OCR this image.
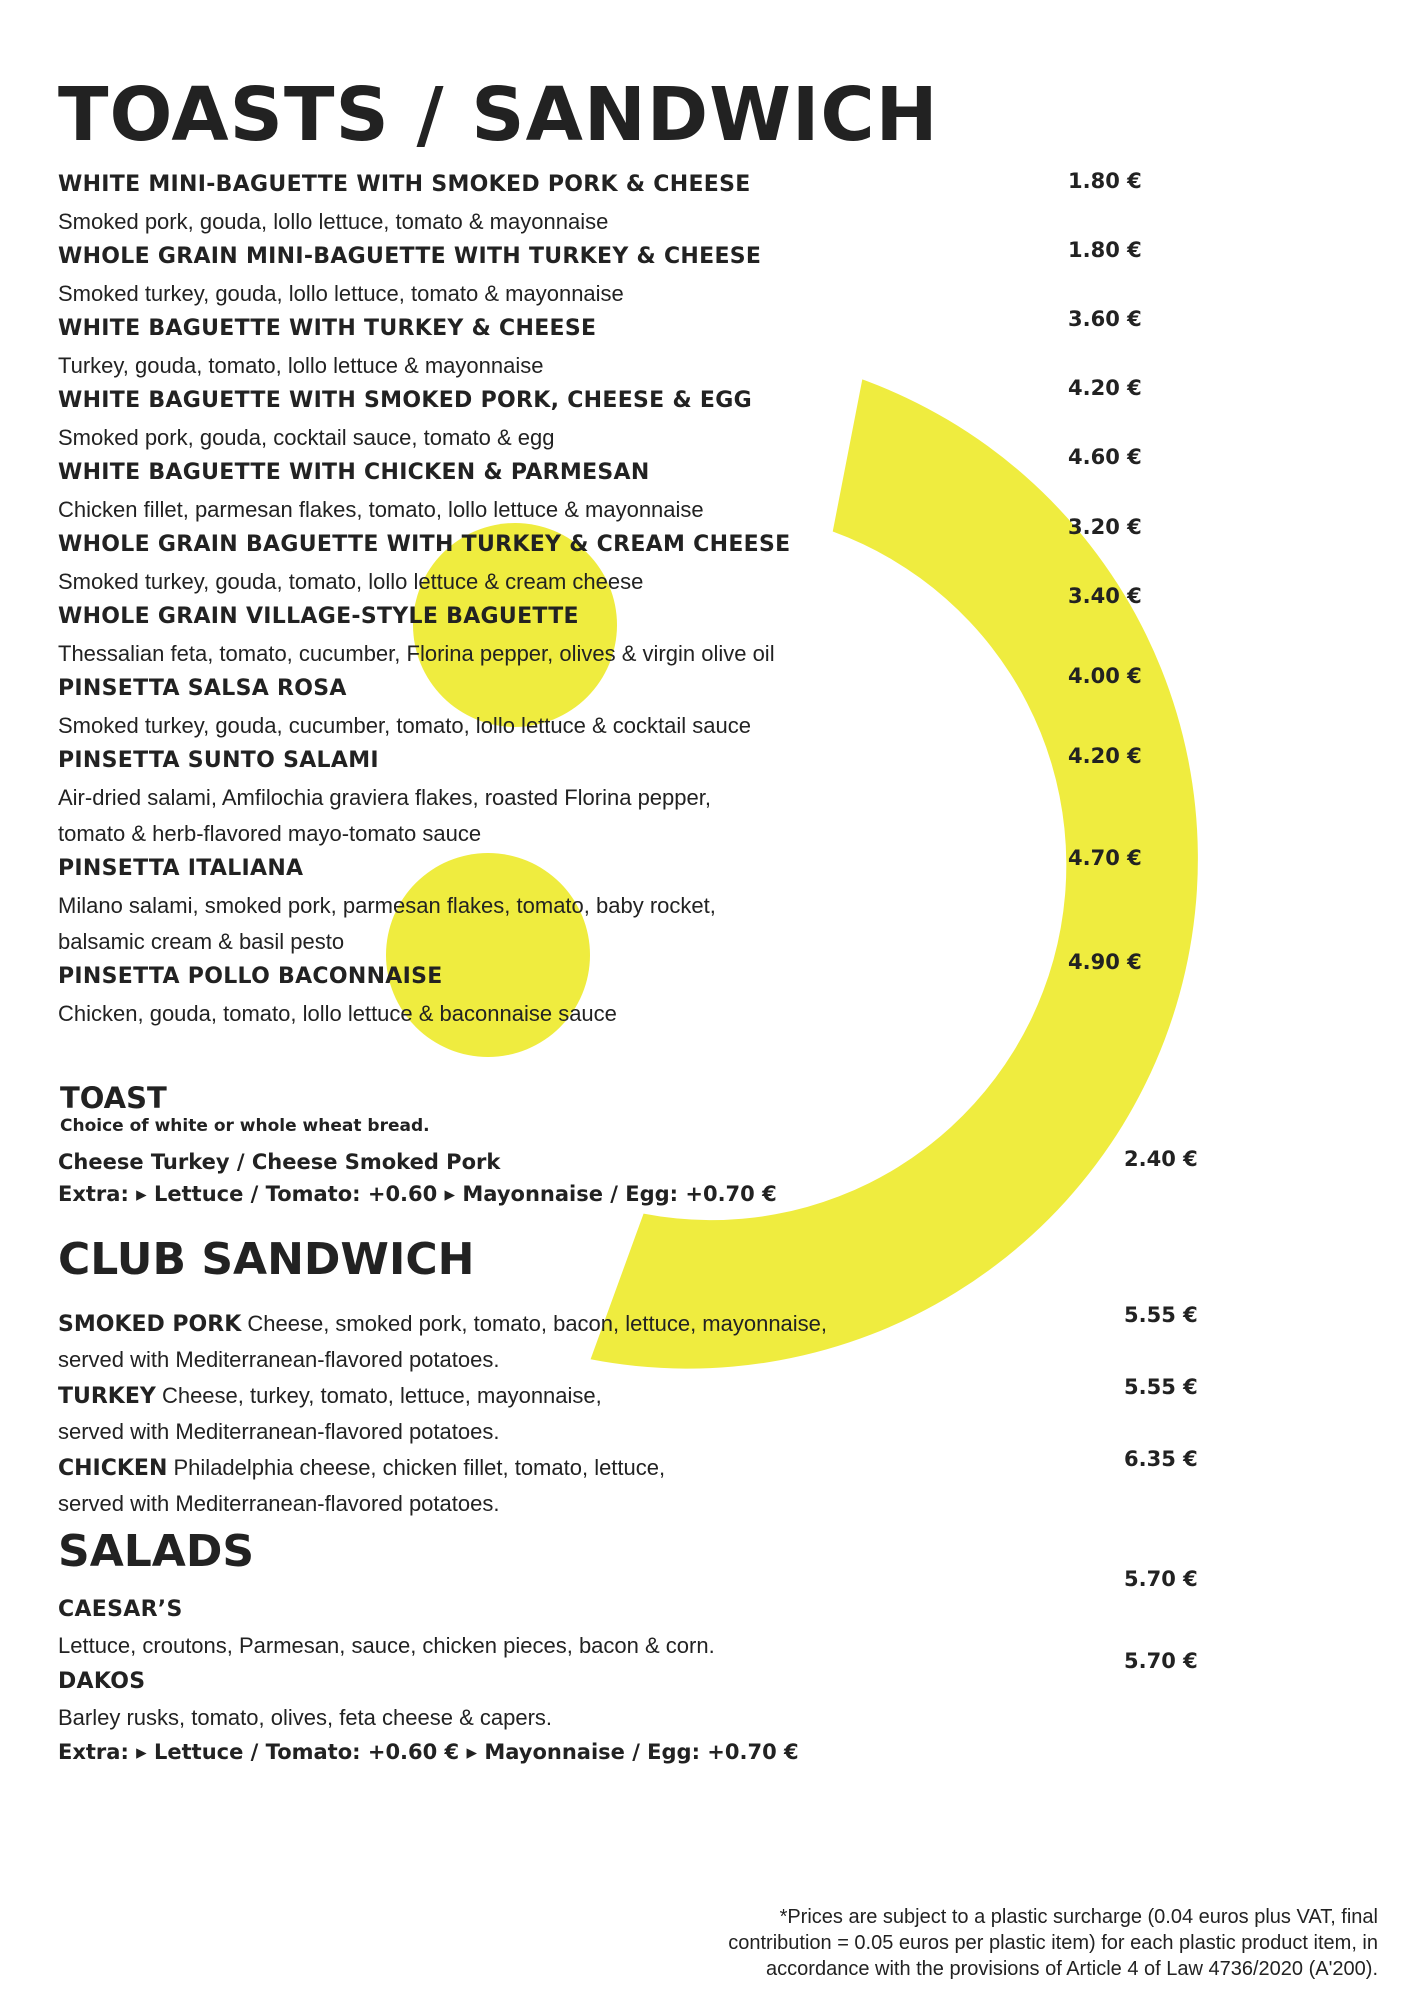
TOASTS / SANDWICH
WHITE MINI-BAGUETTE WITH SMOKED PORK & CHEESE
Smoked pork, gouda, lollo lettuce, tomato & mayonnaise
1.80 €
WHOLE GRAIN MINI-BAGUETTE WITH TURKEY & CHEESE
Smoked turkey, gouda, lollo lettuce, tomato & mayonnaise
1.80 €
WHITE BAGUETTE WITH TURKEY & CHEESE
Turkey, gouda, tomato, lollo lettuce & mayonnaise
3.60 €
WHITE BAGUETTE WITH SMOKED PORK, CHEESE & EGG
Smoked pork, gouda, cocktail sauce, tomato & egg
4.20 €
WHITE BAGUETTE WITH CHICKEN & PARMESAN
Chicken fillet, parmesan flakes, tomato, lollo lettuce & mayonnaise
4.60 €
WHOLE GRAIN BAGUETTE WITH TURKEY & CREAM CHEESE
Smoked turkey, gouda, tomato, lollo lettuce & cream cheese
3.20 €
WHOLE GRAIN VILLAGE-STYLE BAGUETTE
Thessalian feta, tomato, cucumber, Florina pepper, olives & virgin olive oil
3.40 €
PINSETTA SALSA ROSA
Smoked turkey, gouda, cucumber, tomato, lollo lettuce & cocktail sauce
4.00 €
PINSETTA SUNTO SALAMI
Air-dried salami, Amfilochia graviera flakes, roasted Florina pepper,
tomato & herb-flavored mayo-tomato sauce
4.20 €
PINSETTA ITALIANA
Milano salami, smoked pork, parmesan flakes, tomato, baby rocket,
balsamic cream & basil pesto
4.70 €
PINSETTA POLLO BACONNAISE
Chicken, gouda, tomato, lollo lettuce & baconnaise sauce
4.90 €
TOAST
Choice of white or whole wheat bread.
Cheese Turkey / Cheese Smoked Pork
Extra: ▸ Lettuce / Tomato: +0.60 ▸ Mayonnaise / Egg: +0.70 €
2.40 €
CLUB SANDWICH
SMOKED PORK Cheese, smoked pork, tomato, bacon, lettuce, mayonnaise,
served with Mediterranean-flavored potatoes.
5.55 €
TURKEY Cheese, turkey, tomato, lettuce, mayonnaise,
served with Mediterranean-flavored potatoes.
5.55 €
CHICKEN Philadelphia cheese, chicken fillet, tomato, lettuce,
served with Mediterranean-flavored potatoes.
6.35 €
SALADS
CAESAR’S
Lettuce, croutons, Parmesan, sauce, chicken pieces, bacon & corn.
5.70 €
DAKOS
Barley rusks, tomato, olives, feta cheese & capers.
5.70 €
Extra: ▸ Lettuce / Tomato: +0.60 € ▸ Mayonnaise / Egg: +0.70 €
*Prices are subject to a plastic surcharge (0.04 euros plus VAT, final
contribution = 0.05 euros per plastic item) for each plastic product item, in
accordance with the provisions of Article 4 of Law 4736/2020 (A'200).
